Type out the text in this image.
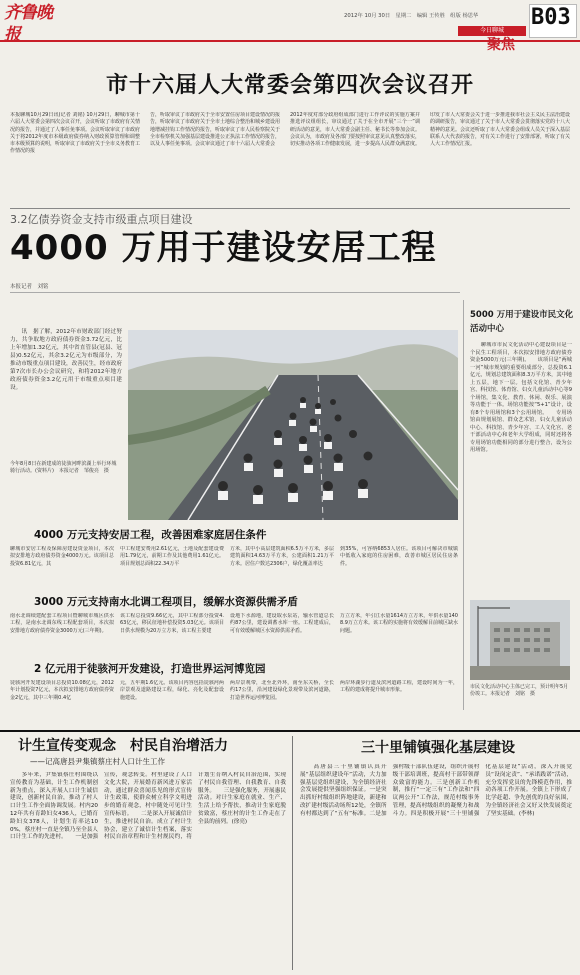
齐鲁晚报
2012年 10月 30日　星期二　编辑 王传胜　组版 杨思华
今日聊城
聚焦
B03
市十六届人大常委会第四次会议召开
本报聊城10月29日讯(记者 刘铭) 10月29日，聊城市第十六届人大常委会第四次会议召开，会议听取了市政府有关情况的报告，并通过了人事任免事项。会议听取审议了市政府关于将2012年度市本级政府债券纳入财政预算管理和调整市本级预算的说明，听取审议了市政府关于全市义务教育工作情况的报
告，听取审议了市政府关于全市安置住房项目建设情况的报告，听取审议了市政府关于全市土地综合整治和城乡建设用地增减挂钩工作情况的报告，听取审议了市人民检察院关于全市检察机关加强基层建设推进公正执法工作情况的报告，以及人事任免事项。会议审议通过了市十六届人大常委会
2012年度对部分政府组成部门进行工作评议的实施方案并推选评议组组长，审议通过了关于在全市开展“三个一”调研活动的意见，市人大常委会副主任、秘书长等参加会议。会议认为，市政府及各部门要按照审议意见认真整改落实，切实推动各项工作健康发展，进一步提高人民群众满意度。
印发了市人大常委会关于进一步推进我市社会主义民主法治建设的调研报告，审议通过了关于市人大常委会贯彻落实党的十八大精神的意见。会议还听取了市人大常委会组成人员关于深入基层联系人大代表的报告，对有关工作进行了安排部署，听取了有关人大工作情况汇报。
3.2亿债券资金支持市级重点项目建设
4000 万用于建设安居工程
本报记者　刘铭
　　讯　据了解，2012年市财政部门经过努力，共争取地方政府债券资金3.72亿元，比上年增加1.32亿元，其中省直管县(冠县、冠县)0.52亿元，其余3.2亿元为市级部分，为推动市级重点项目建设，改善民生，经市政府第7次市长办公会议研究，和将2012年地方政府债券资金3.2亿元用于市级重点项目建设。
今年8月8日在新建成的徒骇河畔滨湖上举行环城骑行活动。(资料片)　本报记者　邹俊亮　摄
5000 万用于建设市民文化活动中心
　　聊城市市民文化活动中心建设项目是一个民生工程项目，本次拟安排地方政府债券资金5000万元(三年期)。　　该项目是“两城一河”城市规划的重要组成部分，总投资6.1亿元，规划总建筑面积8.3万平方米，其中地上五层，地下一层。包括文化馆、青少年宫、科技馆、体育馆、妇女儿童活动中心等9个场馆，集文化、教育、休闲、娱乐、展演等功能于一体。场馆功能按“5+1”设计，设有8个专用场馆和3个公用场馆。　　专用场馆由规划展馆、群众艺术馆、妇女儿童活动中心、科技馆、青少年宫、工人文化宫、老干部活动中心和老年大学组成，同时还将各专用场馆功能相同的部分进行整合，设为公用场馆。
市民文化活动中心主体已完工，预计明年5月份竣工。本报记者　刘铭　摄
4000 万元支持安居工程，改善困难家庭居住条件
聊城市安居工程及保障房建设资金项目，本次拟安排地方政府债券资金4000万元。该项目总投资6.81亿元，其
中工程建安费用2.61亿元，土地及配套建设费用1.79亿元，前期工作及其他费用1.61亿元。项目规划总面积22.34万平
方米，其中小高层建筑面积6.5万平方米，多层建筑面积14.63万平方米，公建面积1.21万平方米。居住户数达2306户，绿化覆盖率达
到35%，可容纳6853人居住。该项目可解决市城镇中低收入家庭的住房困难，改善市城区居民住房条件。
3000 万元支持南水北调工程项目，缓解水资源供需矛盾
南水北调续建配套工程项目暨聊城市城区供水工程，是南水北调东线工程配套项目，本次拟安排地方政府债券资金3000万元(三年期)。
该工程总投资9.66亿元，其中工程部分投资4.63亿元，移民征地补偿投资5.03亿元。该项目日供水规模为20万立方米，该工程主要建
设地下水源地，建设取水泵站，输水管道总长约87公里，建设调蓄水库一座。工程建成后，可有效缓解城区水资源供需矛盾。
万立方米，年引江水量1614万立方米，年供水量1408.9万立方米。该工程的实施将有效缓解目前城区缺水问题。
2 亿元用于徒骇河开发建设，打造世界运河博览园
徒骇河开发建设项目总投资10.08亿元，2012年计划投资7亿元，本次拟安排地方政府债券资金2亿元，其中三年期0.4亿
元，五年期1.6亿元。该项目内容包括徒骇河两岸景观及道路建设工程，绿化、亮化及配套设施建设。
两岸景观带，北至北外环，南至东关桥，全长约17公里，沿河建设绿化景观带及滨河道路，打造世界运河博览园。
两岸环湖步行道及滨河道路工程，建设时间为一年，工程的建成将提升城市形象。
计生宣传变观念　村民自治增活力
——记高唐县尹集镇蔡庄村人口计生工作
　　多年来，尹集镇蔡庄村围绕以宣传教育为基础，计生工作机制创新为重点，深入开展人口计生诚信建设，创新村民自治，推动了村人口计生工作全面协调发展。村内2012年共有育龄妇女436人，已婚育龄妇女378人，计划生育率达100%，蔡庄村一直是全镇乃至全县人口计生工作的先进村。　　一是加强宣传，观念转变。村里建设了人口文化大院，开展婚育新风进万家活动，通过群众喜闻乐见的形式宣传计生政策，使群众树立科学文明进步的婚育观念，村中随处可见计生宣传标语。　　二是深入开展诚信计生，推进村民自治。成立了村计生协会，建立了诚信计生档案，落实村民自治章程和计生村规民约，将计划生育纳入村民自治范围，实现了村民自我管理、自我教育、自我服务。　　三是强化服务，开展惠民活动。对计生家庭在就业、生产、生活上给予帮扶，推动计生家庭脱贫致富，蔡庄村的计生工作走在了全县的前列。(徐亮)
三十里铺镇强化基层建设
　　高唐县三十里铺镇认真开展“基层组织建设年”活动，大力加强基层党组织建设，为全镇经济社会发展提供坚强组织保证。一是突出抓好村级组织阵地建设，新建和改扩建村级活动场所12处，全镇所有村都达到了“五有”标准。二是加强村级干部队伍建设，组织开展村级干部培训班，提高村干部带领群众致富的能力。三是创新工作机制，推行“一定三有”工作法和“四议两公开”工作法，规范村级事务管理，提高村级组织的凝聚力和战斗力。四是积极开展“三十里铺强化基层建设”活动，深入开展党员“设岗定责”、“承诺践诺”活动，充分发挥党员的先锋模范作用，推动各项工作开展。全镇上下形成了比学赶超、争先创优的良好氛围，为全镇经济社会又好又快发展奠定了坚实基础。(李林)
